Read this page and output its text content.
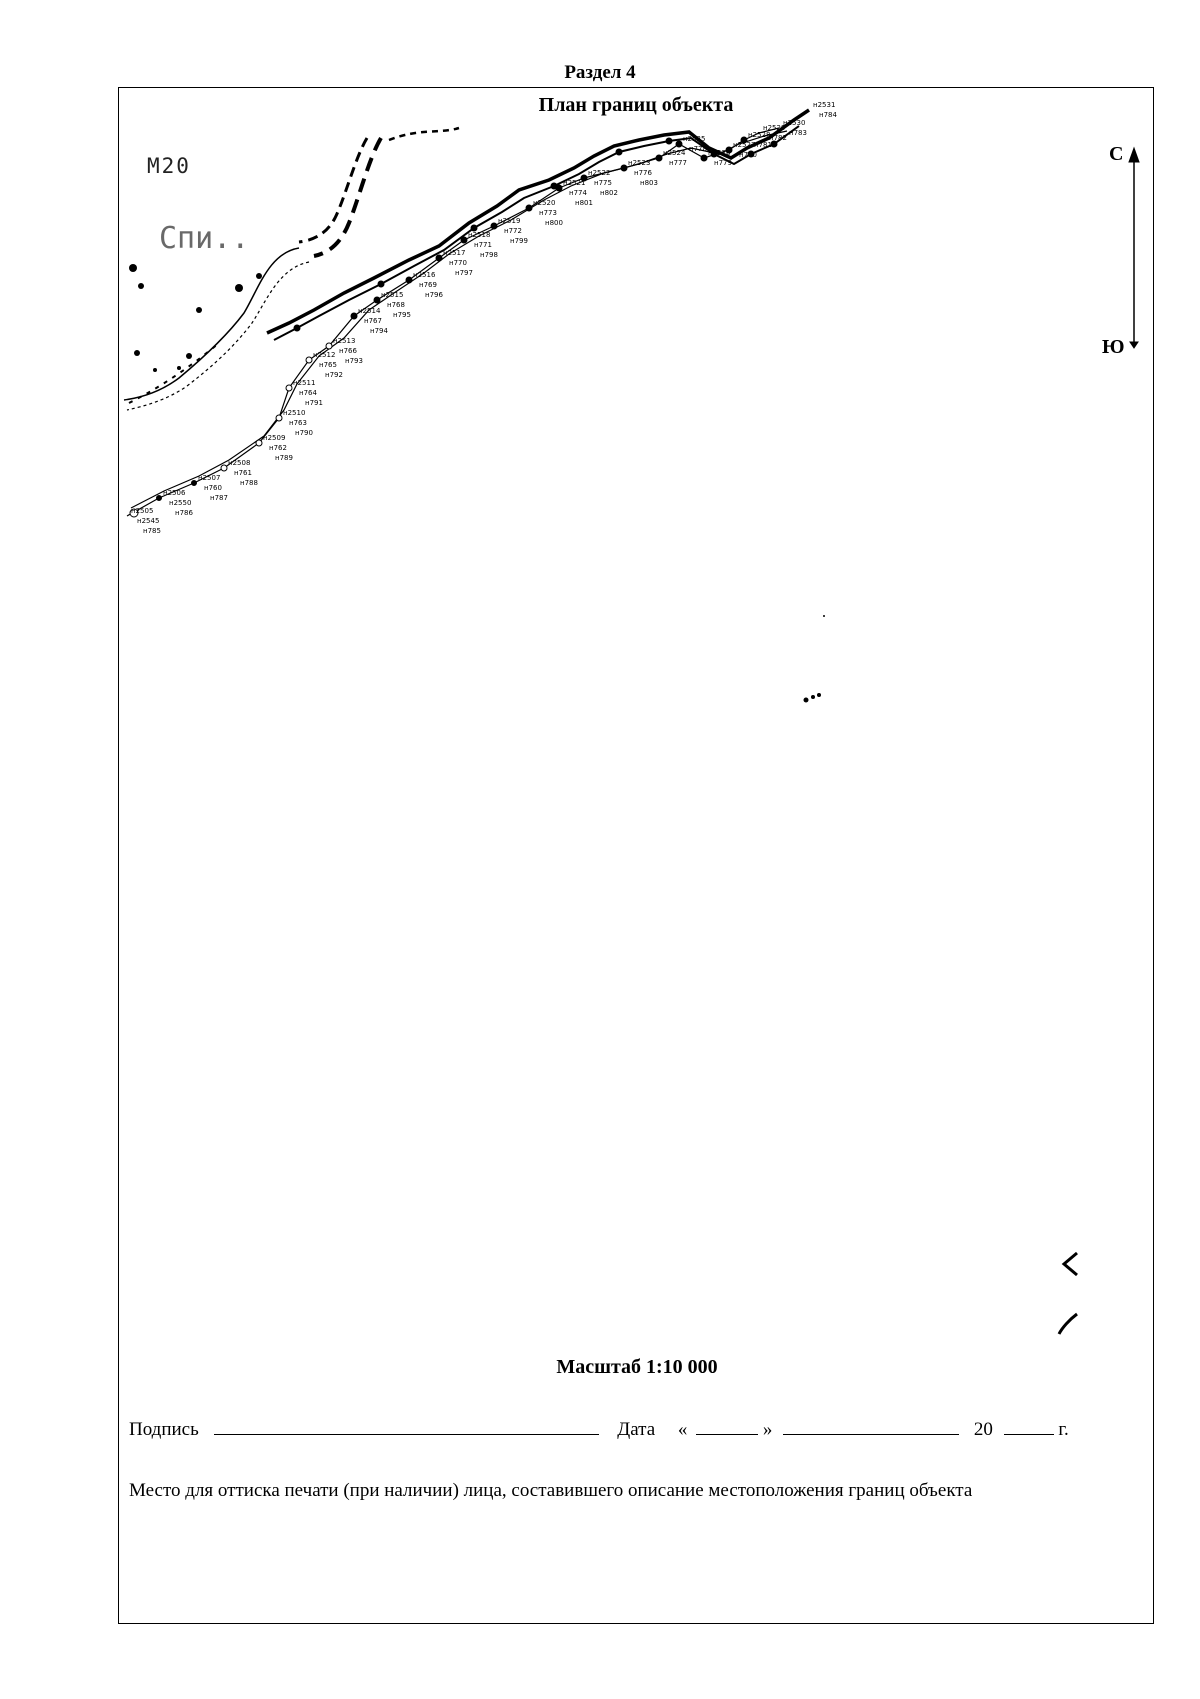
Раздел 4
План границ объекта
Спи..
н2505
н2506
н2507
н2508
н2509
н2510
н2511
н2512
н2513
н2514
н2515
н2516
н2517
н2518
н2519
н2520
н2521
н2522
н2523
н2524
н2525
н2526
н2527
н2528
н2529
н2530
н2531
н2545
н2550
н760
н761
н762
н763
н764
н765
н766
н767
н768
н769
н770
н771
н772
н773
н774
н775
н776
н777
н778
н779
н780
н781
н782
н783
н784
н785
н786
н787
н788
н789
н790
н791
н792
н793
н794
н795
н796
н797
н798
н799
н800
н801
н802
н803
M20	С
Ю
Масштаб 1:10 000
Подпись	Дата «	»	20	г.
Место для оттиска печати (при наличии) лица, составившего описание местоположения границ объекта
